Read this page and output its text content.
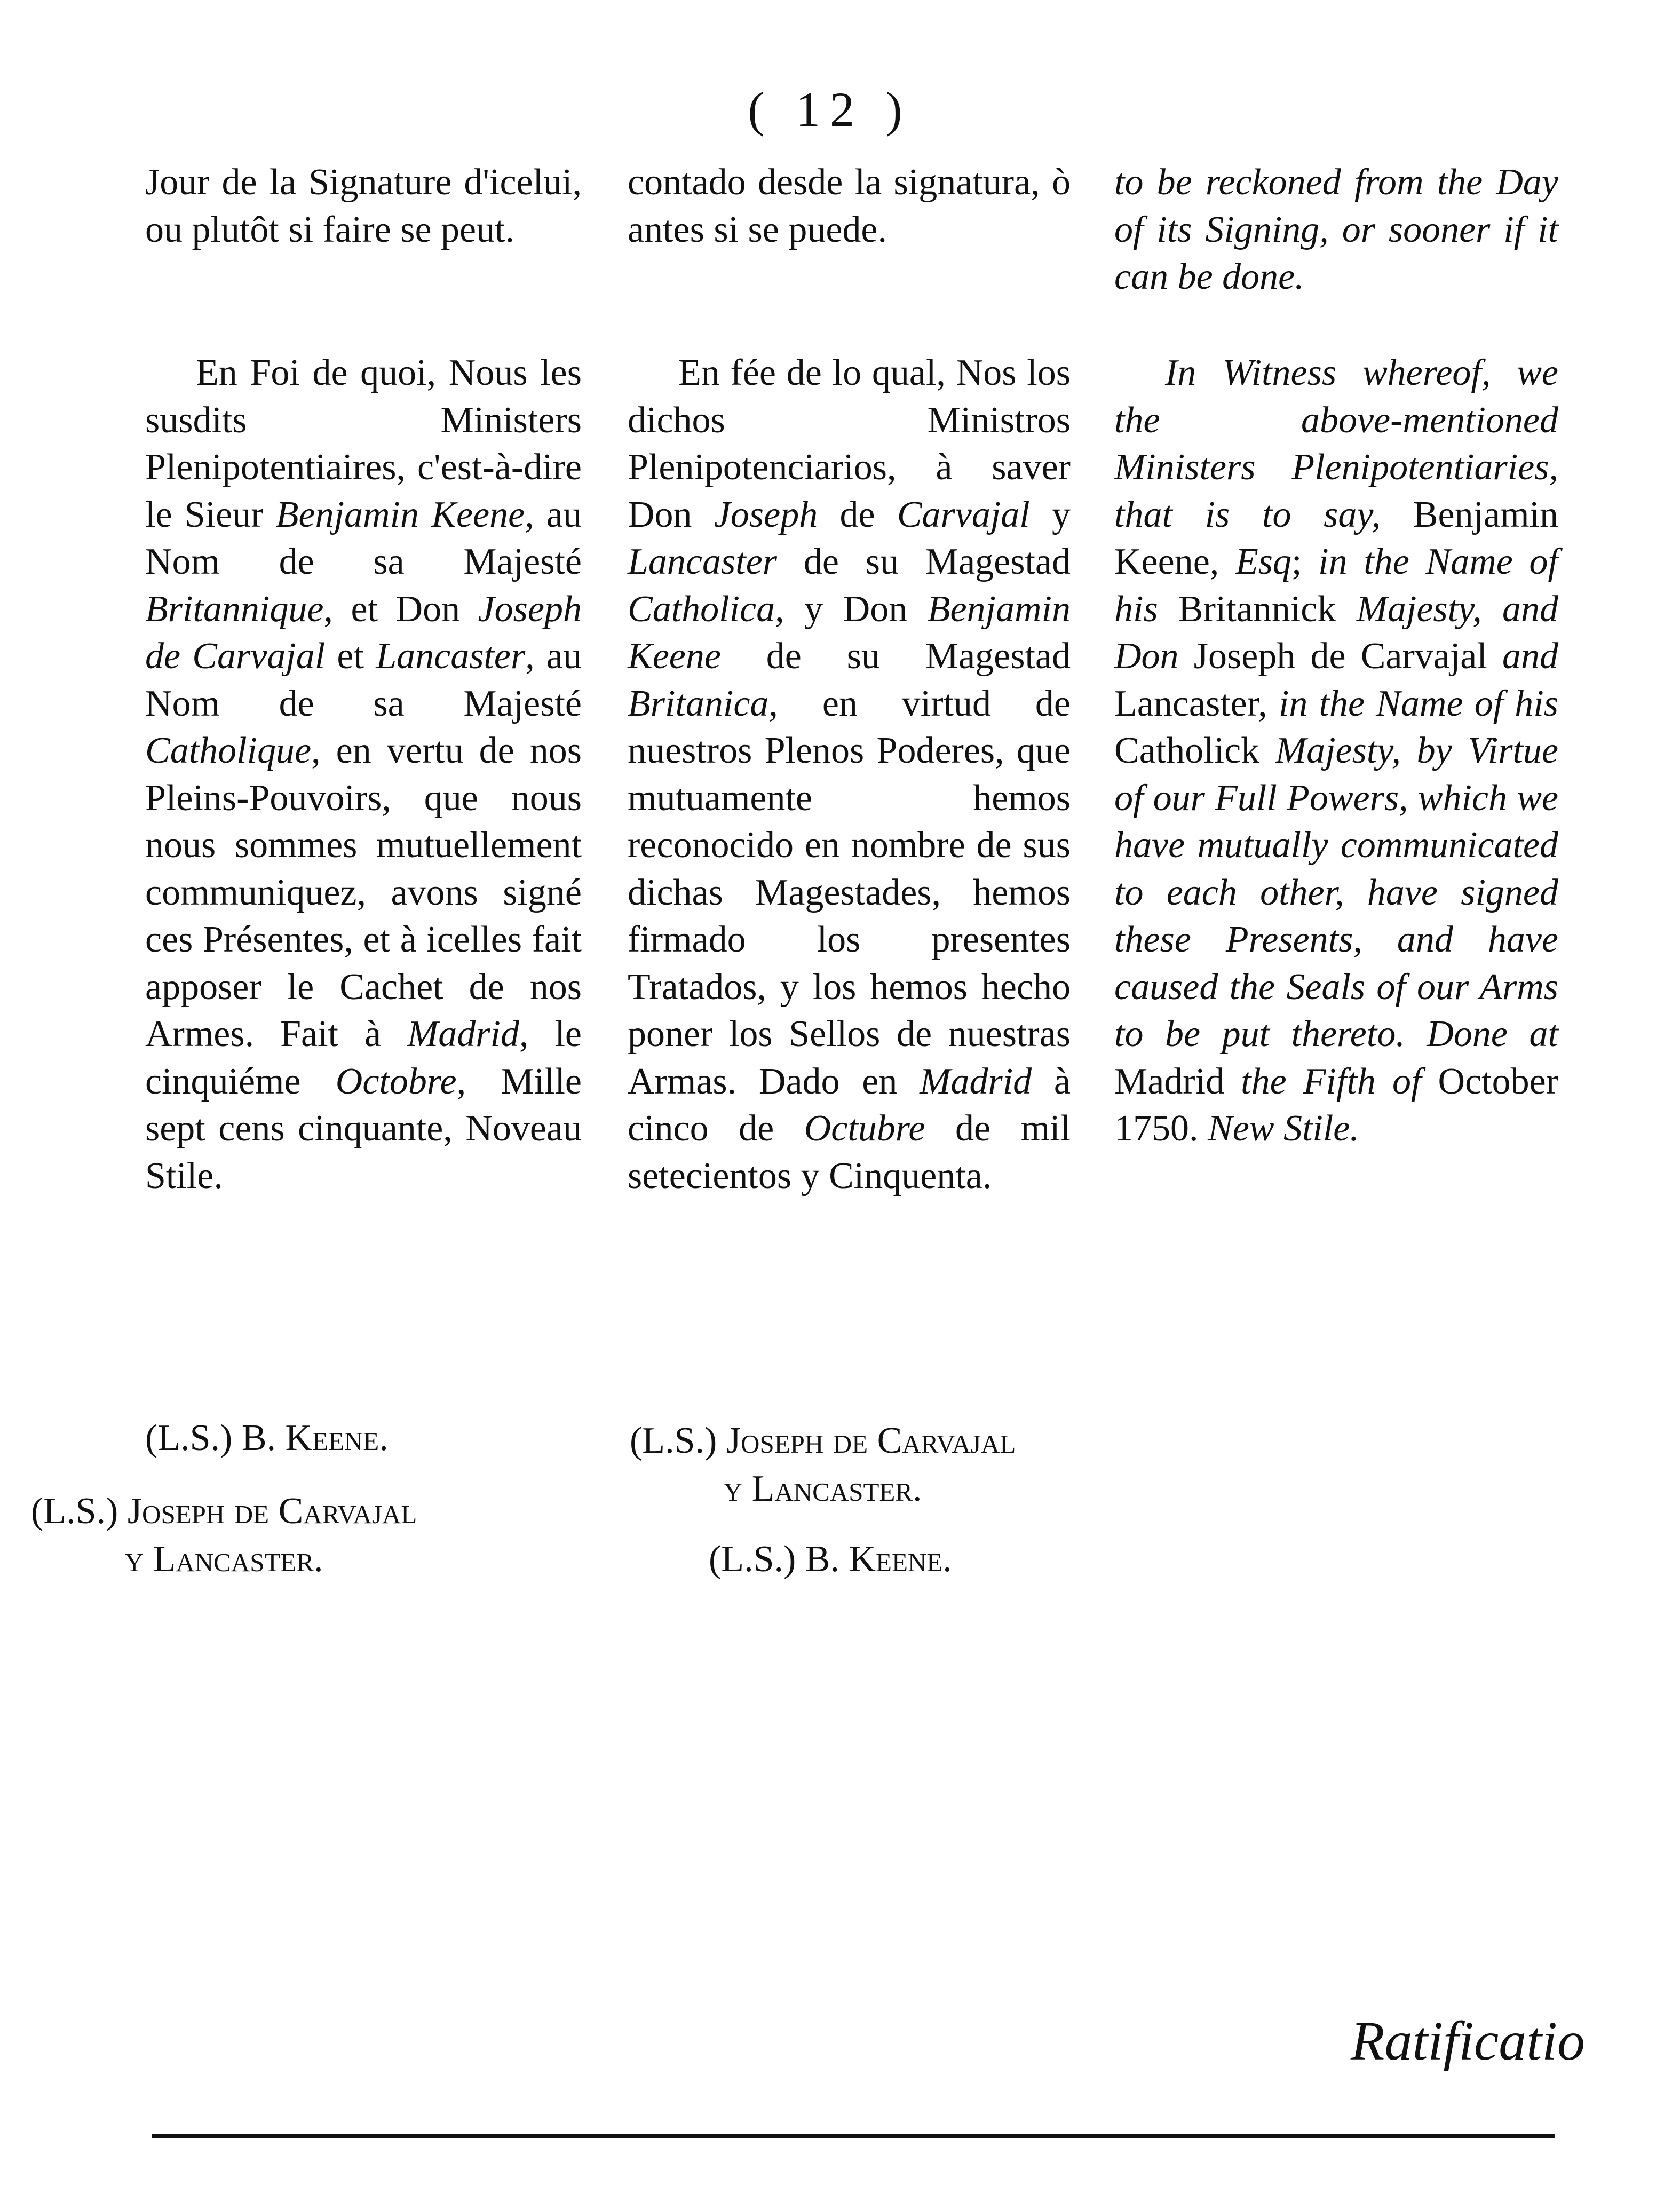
( 12 )

Jour de la Signature d'icelui, ou plutôt si faire se peut.

En Foi de quoi, Nous les susdits Ministers Plenipotentiaires, c'est-à-dire le Sieur Benjamin Keene, au Nom de sa Majesté Britannique, et Don Joseph de Carvajal et Lancaster, au Nom de sa Majesté Catholique, en vertu de nos Pleins-Pouvoirs, que nous nous sommes mutuellement communiquez, avons signé ces Présentes, et à icelles fait apposer le Cachet de nos Armes. Fait à Madrid, le cinquiéme Octobre, Mille sept cens cinquante, Noveau Stile.

contado desde la signatura, ò antes si se puede.

En fée de lo qual, Nos los dichos Ministros Plenipotenciarios, à saver Don Joseph de Carvajal y Lancaster de su Magestad Catholica, y Don Benjamin Keene de su Magestad Britanica, en virtud de nuestros Plenos Poderes, que mutuamente hemos reconocido en nombre de sus dichas Magestades, hemos firmado los presentes Tratados, y los hemos hecho poner los Sellos de nuestras Armas. Dado en Madrid à cinco de Octubre de mil setecientos y Cinquenta.

to be reckoned from the Day of its Signing, or sooner if it can be done.

In Witness whereof, we the above-mentioned Ministers Plenipotentiaries, that is to say, Benjamin Keene, Esq; in the Name of his Britannick Majesty, and Don Joseph de Carvajal and Lancaster, in the Name of his Catholick Majesty, by Virtue of our Full Powers, which we have mutually communicated to each other, have signed these Presents, and have caused the Seals of our Arms to be put thereto. Done at Madrid the Fifth of October 1750. New Stile.

(L.S.) B. Keene.
(L.S.) Joseph de Carvajal
y Lancaster.
(L.S.) Joseph de Carvajal
y Lancaster.
(L.S.) B. Keene.
Ratificatio
